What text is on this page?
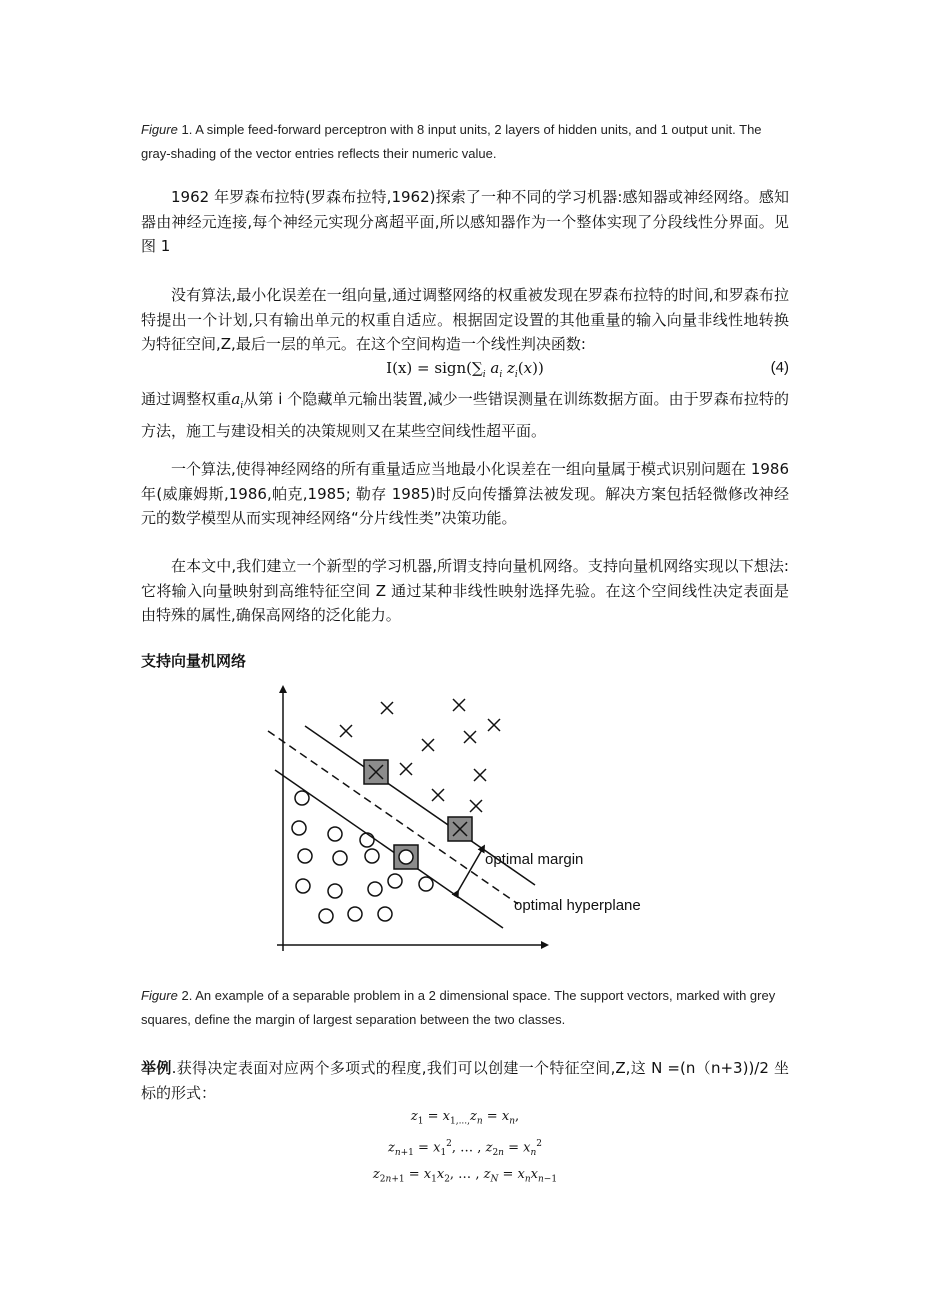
Figure 1. A simple feed-forward perceptron with 8 input units, 2 layers of hidden units, and 1 output unit. The gray-shading of the vector entries reflects their numeric value.

1962 年罗森布拉特(罗森布拉特,1962)探索了一种不同的学习机器:感知器或神经网络。感知器由神经元连接,每个神经元实现分离超平面,所以感知器作为一个整体实现了分段线性分界面。见图 1

没有算法,最小化误差在一组向量,通过调整网络的权重被发现在罗森布拉特的时间,和罗森布拉特提出一个计划,只有输出单元的权重自适应。根据固定设置的其他重量的输入向量非线性地转换为特征空间,Z,最后一层的单元。在这个空间构造一个线性判决函数:

$I(x) = sign(\sum_i$ $a_i$ $z_i(x)$)	(4)

通过调整权重$a_i$从第 i 个隐藏单元输出装置,减少一些错误测量在训练数据方面。由于罗森布拉特的方法，施工与建设相关的决策规则又在某些空间线性超平面。

一个算法,使得神经网络的所有重量适应当地最小化误差在一组向量属于模式识别问题在 1986 年(威廉姆斯,1986,帕克,1985; 勒存 1985)时反向传播算法被发现。解决方案包括轻微修改神经元的数学模型从而实现神经网络“分片线性类”决策功能。

在本文中,我们建立一个新型的学习机器,所谓支持向量机网络。支持向量机网络实现以下想法: 它将输入向量映射到高维特征空间 Z 通过某种非线性映射选择先验。在这个空间线性决定表面是由特殊的属性,确保高网络的泛化能力。

支持向量机网络

Figure 2. An example of a separable problem in a 2 dimensional space. The support vectors, marked with grey squares, define the margin of largest separation between the two classes.

举例.获得决定表面对应两个多项式的程度,我们可以创建一个特征空间,Z,这 N =(n（n+3))/2 坐标的形式：

$z_1 = x_{1,...,}z_n = x_n$,
$z_{n+1} = x_1^2$, … , $z_{2n} = x_n^2$
$z_{2n+1} = x_1x_2$, … , $z_N = x_nx_{n-1}$
optimal margin
optimal hyperplane
